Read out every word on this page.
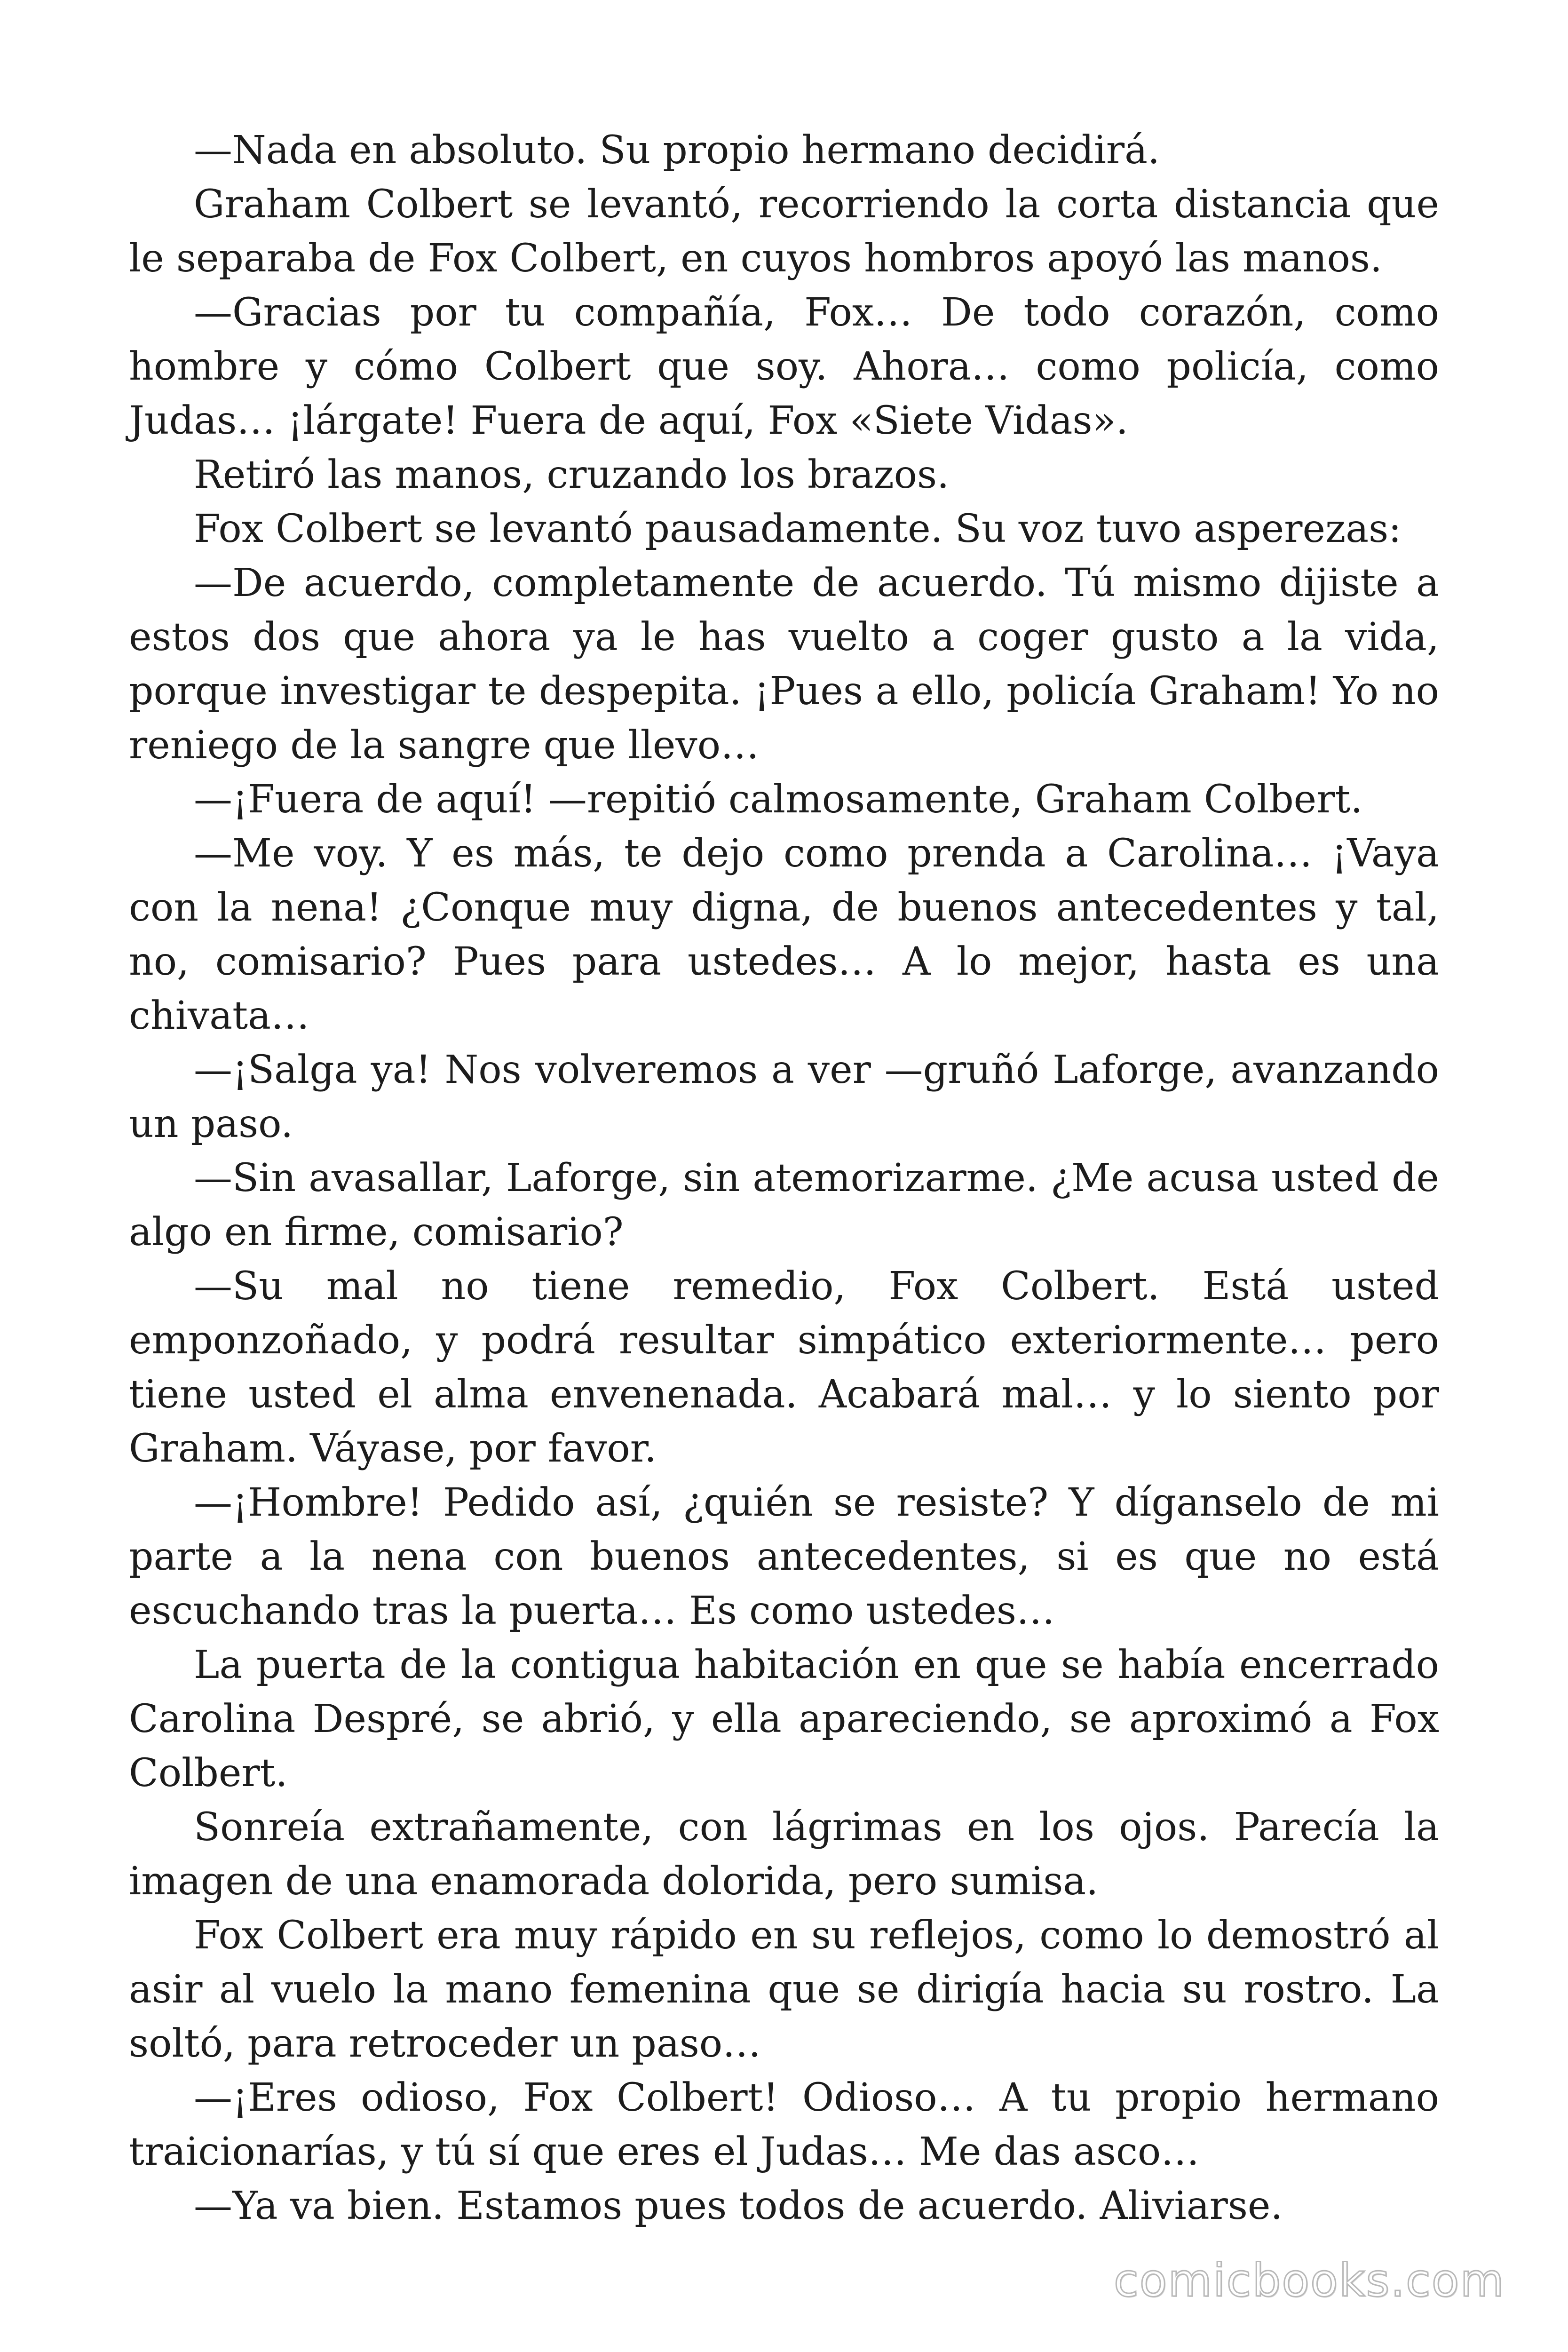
—Nada en absoluto. Su propio hermano decidirá.

Graham Colbert se levantó, recorriendo la corta distancia que le separaba de Fox Colbert, en cuyos hombros apoyó las manos.

—Gracias por tu compañía, Fox… De todo corazón, como hombre y cómo Colbert que soy. Ahora… como policía, como Judas… ¡lárgate! Fuera de aquí, Fox «Siete Vidas».

Retiró las manos, cruzando los brazos.

Fox Colbert se levantó pausadamente. Su voz tuvo asperezas:

—De acuerdo, completamente de acuerdo. Tú mismo dijiste a estos dos que ahora ya le has vuelto a coger gusto a la vida, porque investigar te despepita. ¡Pues a ello, policía Graham! Yo no reniego de la sangre que llevo…

—¡Fuera de aquí! —repitió calmosamente, Graham Colbert.

—Me voy. Y es más, te dejo como prenda a Carolina… ¡Vaya con la nena! ¿Conque muy digna, de buenos antecedentes y tal, no, comisario? Pues para ustedes… A lo mejor, hasta es una chivata…

—¡Salga ya! Nos volveremos a ver —gruñó Laforge, avanzando un paso.

—Sin avasallar, Laforge, sin atemorizarme. ¿Me acusa usted de algo en firme, comisario?

—Su mal no tiene remedio, Fox Colbert. Está usted emponzoñado, y podrá resultar simpático exteriormente… pero tiene usted el alma envenenada. Acabará mal… y lo siento por Graham. Váyase, por favor.

—¡Hombre! Pedido así, ¿quién se resiste? Y díganselo de mi parte a la nena con buenos antecedentes, si es que no está escuchando tras la puerta… Es como ustedes…

La puerta de la contigua habitación en que se había encerrado Carolina Despré, se abrió, y ella apareciendo, se aproximó a Fox Colbert.

Sonreía extrañamente, con lágrimas en los ojos. Parecía la imagen de una enamorada dolorida, pero sumisa.

Fox Colbert era muy rápido en su reflejos, como lo demostró al asir al vuelo la mano femenina que se dirigía hacia su rostro. La soltó, para retroceder un paso…

—¡Eres odioso, Fox Colbert! Odioso… A tu propio hermano traicionarías, y tú sí que eres el Judas… Me das asco…

—Ya va bien. Estamos pues todos de acuerdo. Aliviarse.

comicbooks.com
